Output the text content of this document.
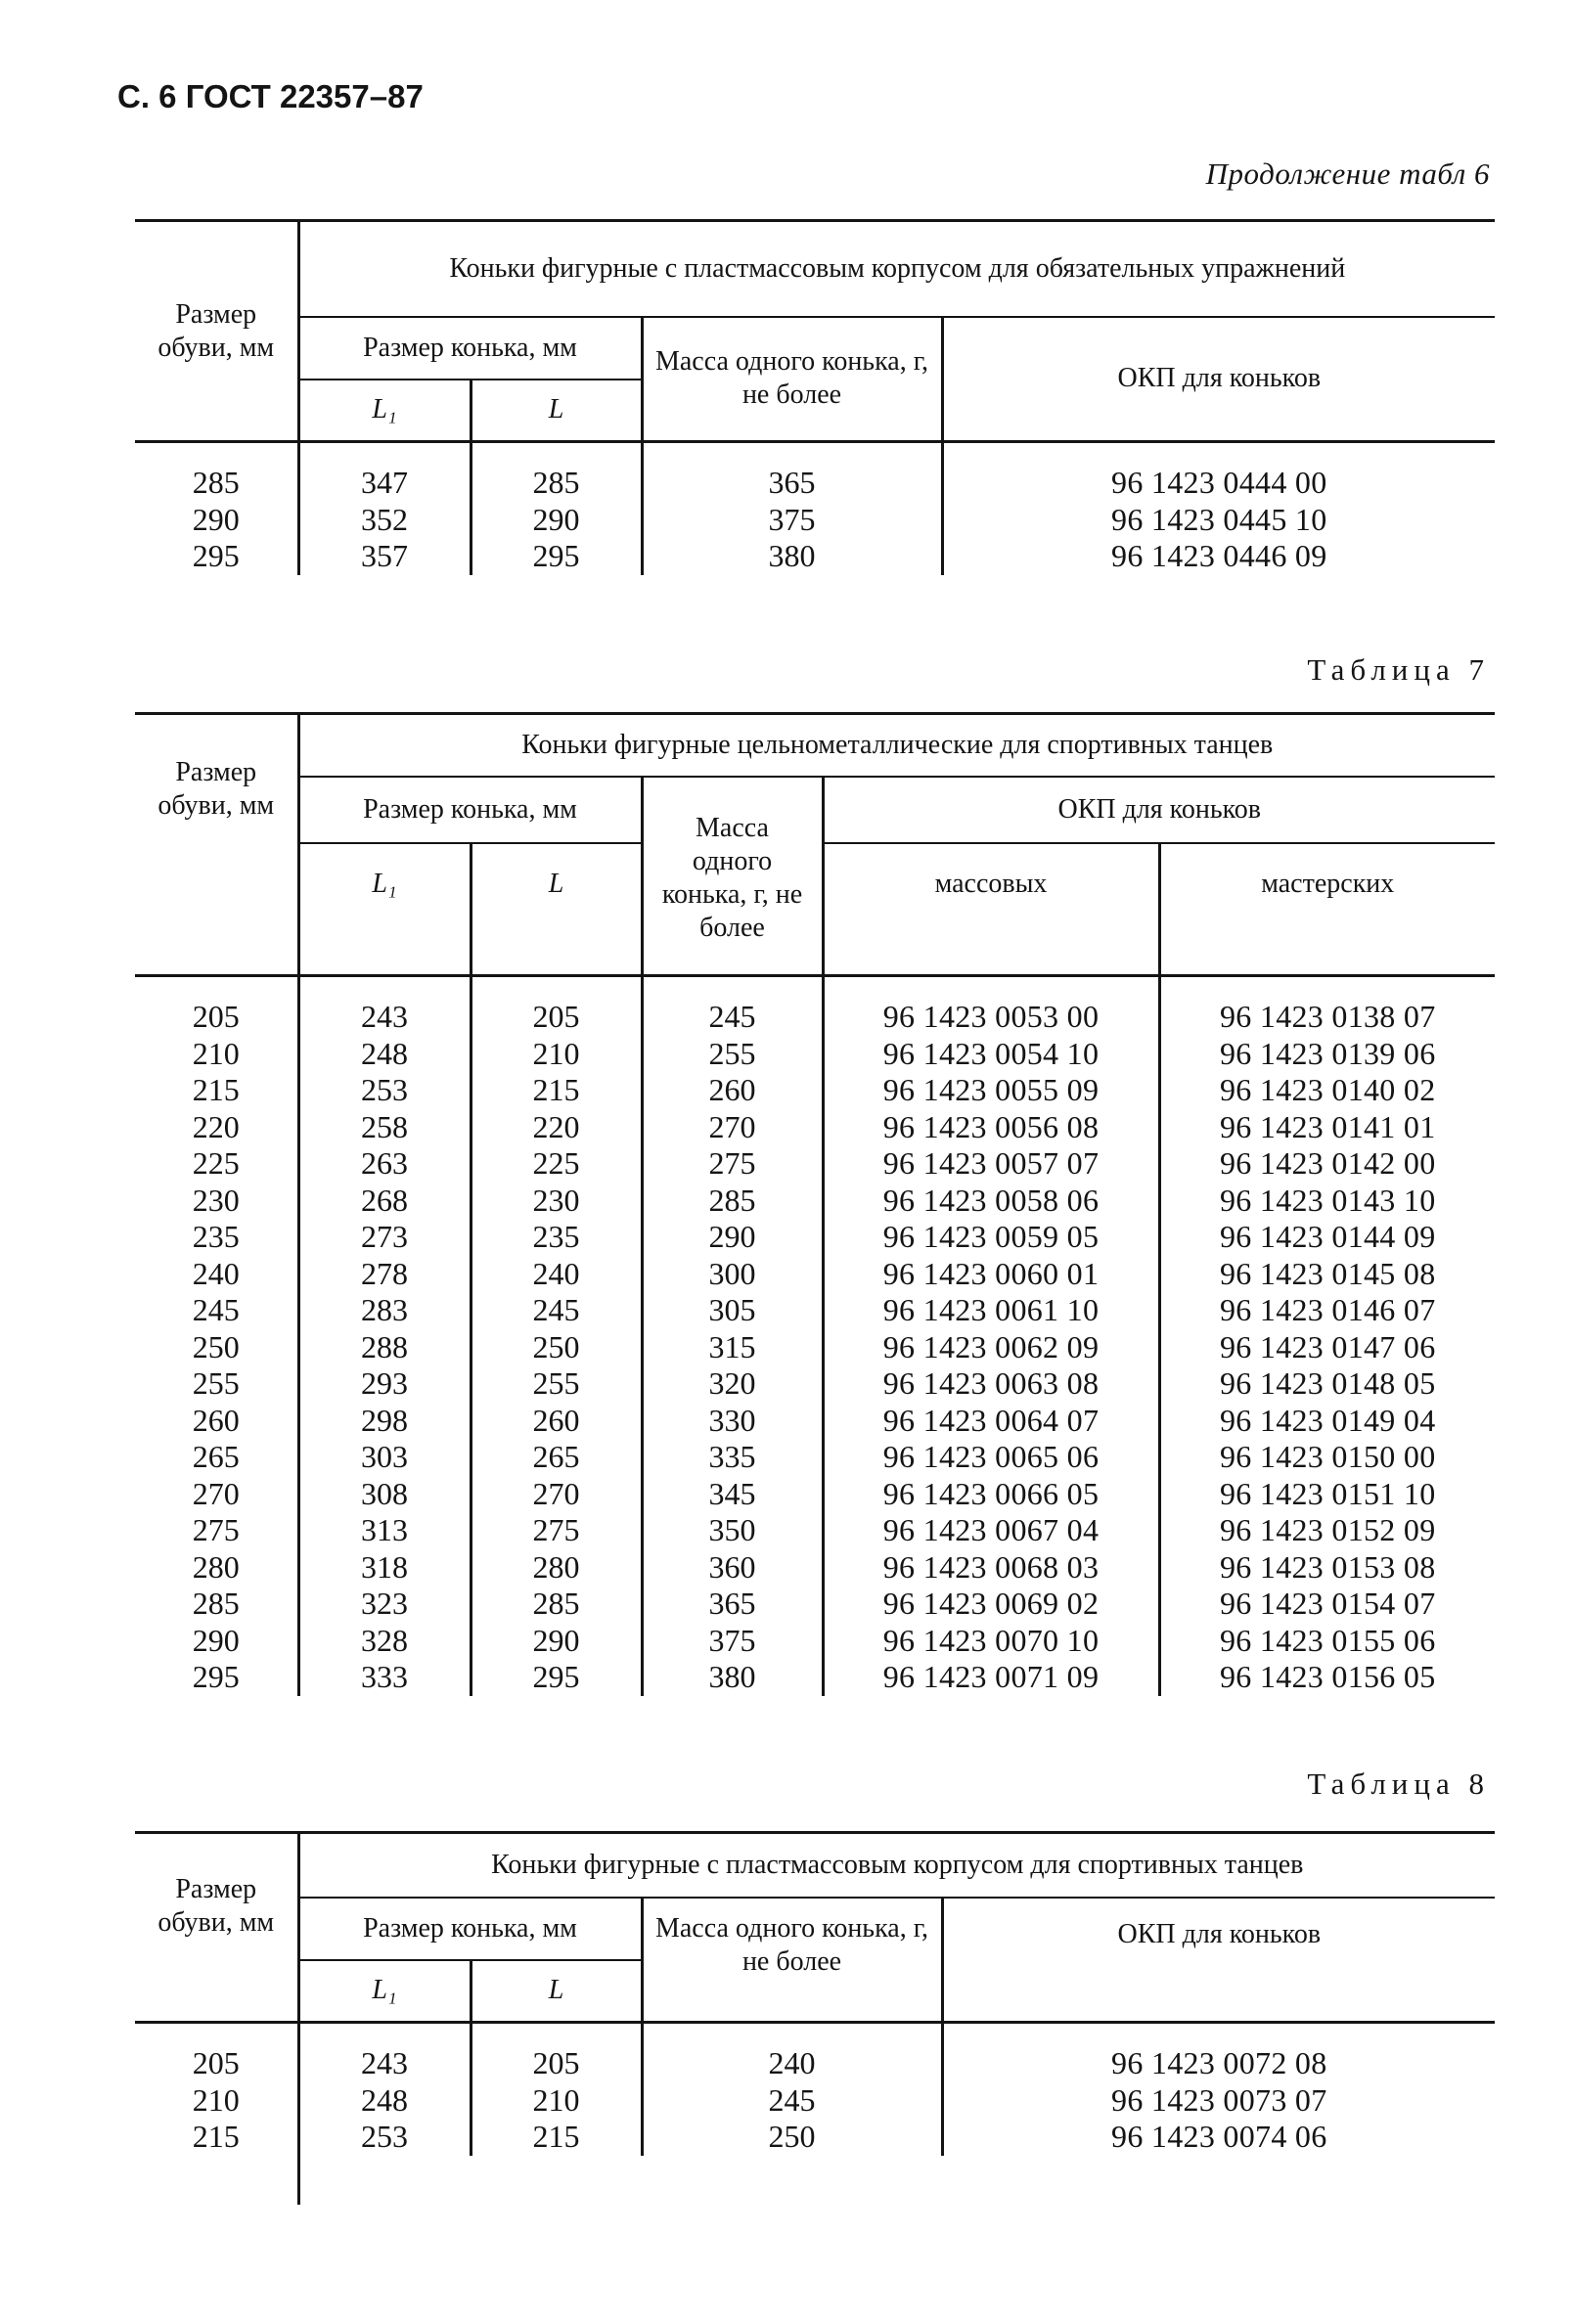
С. 6 ГОСТ 22357–87
Продолжение табл 6
Размер обуви, мм	Коньки фигурные с пластмассовым корпусом для обязательных упражнений			
	Размер конька, мм		Масса одного конька, г, не более	ОКП для коньков
	L₁	L		

285	347	285	365	96 1423 0444 00
290	352	290	375	96 1423 0445 10
295	357	295	380	96 1423 0446 09
Таблица 7
Размер обуви, мм	Коньки фигурные цельнометаллические для спортивных танцев				
	Размер конька, мм		Масса одного конька, г, не более	ОКП для коньков	
	L₁	L		массовых	мастерских

205	243	205	245	96 1423 0053 00	96 1423 0138 07
210	248	210	255	96 1423 0054 10	96 1423 0139 06
215	253	215	260	96 1423 0055 09	96 1423 0140 02
220	258	220	270	96 1423 0056 08	96 1423 0141 01
225	263	225	275	96 1423 0057 07	96 1423 0142 00
230	268	230	285	96 1423 0058 06	96 1423 0143 10
235	273	235	290	96 1423 0059 05	96 1423 0144 09
240	278	240	300	96 1423 0060 01	96 1423 0145 08
245	283	245	305	96 1423 0061 10	96 1423 0146 07
250	288	250	315	96 1423 0062 09	96 1423 0147 06
255	293	255	320	96 1423 0063 08	96 1423 0148 05
260	298	260	330	96 1423 0064 07	96 1423 0149 04
265	303	265	335	96 1423 0065 06	96 1423 0150 00
270	308	270	345	96 1423 0066 05	96 1423 0151 10
275	313	275	350	96 1423 0067 04	96 1423 0152 09
280	318	280	360	96 1423 0068 03	96 1423 0153 08
285	323	285	365	96 1423 0069 02	96 1423 0154 07
290	328	290	375	96 1423 0070 10	96 1423 0155 06
295	333	295	380	96 1423 0071 09	96 1423 0156 05
Таблица 8
Размер обуви, мм	Коньки фигурные с пластмассовым корпусом для спортивных танцев			
	Размер конька, мм		Масса одного конька, г, не более	ОКП для коньков
	L₁	L		

205	243	205	240	96 1423 0072 08
210	248	210	245	96 1423 0073 07
215	253	215	250	96 1423 0074 06
